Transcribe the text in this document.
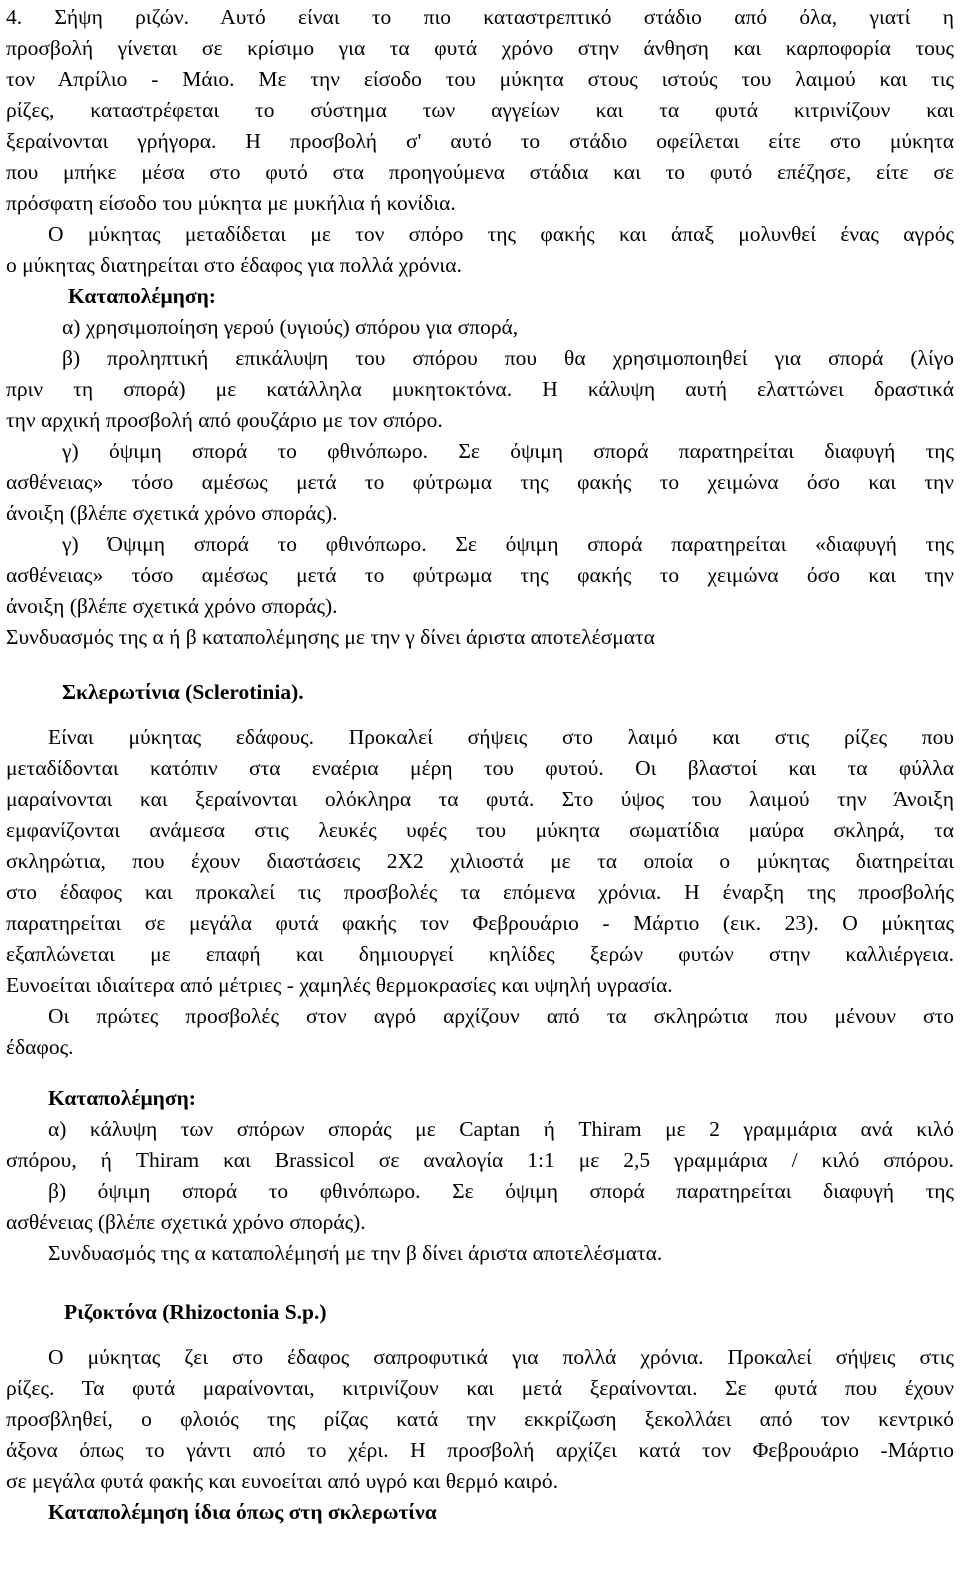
4. Σήψη ριζών. Αυτό είναι το πιο καταστρεπτικό στάδιο από όλα, γιατί η
προσβολή γίνεται σε κρίσιμο για τα φυτά χρόνο στην άνθηση και καρποφορία τους
τον Απρίλιο - Μάιο. Με την είσοδο του μύκητα στους ιστούς του λαιμού και τις
ρίζες, καταστρέφεται το σύστημα των αγγείων και τα φυτά κιτρινίζουν και
ξεραίνονται γρήγορα. Η προσβολή σ' αυτό το στάδιο οφείλεται είτε στο μύκητα
που μπήκε μέσα στο φυτό στα προηγούμενα στάδια και το φυτό επέζησε, είτε σε
πρόσφατη είσοδο του μύκητα με μυκήλια ή κονίδια.
Ο μύκητας μεταδίδεται με τον σπόρο της φακής και άπαξ μολυνθεί ένας αγρός
ο μύκητας διατηρείται στο έδαφος για πολλά χρόνια.
Καταπολέμηση:
α) χρησιμοποίηση γερού (υγιούς) σπόρου για σπορά,
β) προληπτική επικάλυψη του σπόρου που θα χρησιμοποιηθεί για σπορά (λίγο
πριν τη σπορά) με κατάλληλα μυκητοκτόνα. Η κάλυψη αυτή ελαττώνει δραστικά
την αρχική προσβολή από φουζάριο με τον σπόρο.
γ) όψιμη σπορά το φθινόπωρο. Σε όψιμη σπορά παρατηρείται διαφυγή της
ασθένειας» τόσο αμέσως μετά το φύτρωμα της φακής το χειμώνα όσο και την
άνοιξη (βλέπε σχετικά χρόνο σποράς).
γ) Όψιμη σπορά το φθινόπωρο. Σε όψιμη σπορά παρατηρείται «διαφυγή της
ασθένειας» τόσο αμέσως μετά το φύτρωμα της φακής το χειμώνα όσο και την
άνοιξη (βλέπε σχετικά χρόνο σποράς).
Συνδυασμός της α ή β καταπολέμησης με την γ δίνει άριστα αποτελέσματα
Σκλερωτίνια (Sclerotinia).
Είναι μύκητας εδάφους. Προκαλεί σήψεις στο λαιμό και στις ρίζες που
μεταδίδονται κατόπιν στα εναέρια μέρη του φυτού. Οι βλαστοί και τα φύλλα
μαραίνονται και ξεραίνονται ολόκληρα τα φυτά. Στο ύψος του λαιμού την Άνοιξη
εμφανίζονται ανάμεσα στις λευκές υφές του μύκητα σωματίδια μαύρα σκληρά, τα
σκληρώτια, που έχουν διαστάσεις 2Χ2 χιλιοστά με τα οποία ο μύκητας διατηρείται
στο έδαφος και προκαλεί τις προσβολές τα επόμενα χρόνια. Η έναρξη της προσβολής
παρατηρείται σε μεγάλα φυτά φακής τον Φεβρουάριο - Μάρτιο (εικ. 23). Ο μύκητας
εξαπλώνεται με επαφή και δημιουργεί κηλίδες ξερών φυτών στην καλλιέργεια.
Ευνοείται ιδιαίτερα από μέτριες - χαμηλές θερμοκρασίες και υψηλή υγρασία.
Οι πρώτες προσβολές στον αγρό αρχίζουν από τα σκληρώτια που μένουν στο
έδαφος.
Καταπολέμηση:
α) κάλυψη των σπόρων σποράς με Captan ή Thiram με 2 γραμμάρια ανά κιλό
σπόρου, ή Thiram και Brassicol σε αναλογία 1:1 με 2,5 γραμμάρια / κιλό σπόρου.
β) όψιμη σπορά το φθινόπωρο. Σε όψιμη σπορά παρατηρείται διαφυγή της
ασθένειας (βλέπε σχετικά χρόνο σποράς).
Συνδυασμός της α καταπολέμησή με την β δίνει άριστα αποτελέσματα.
Ριζοκτόνα (Rhizoctonia S.p.)
Ο μύκητας ζει στο έδαφος σαπροφυτικά για πολλά χρόνια. Προκαλεί σήψεις στις
ρίζες. Τα φυτά μαραίνονται, κιτρινίζουν και μετά ξεραίνονται. Σε φυτά που έχουν
προσβληθεί, ο φλοιός της ρίζας κατά την εκκρίζωση ξεκολλάει από τον κεντρικό
άξονα όπως το γάντι από το χέρι. Η προσβολή αρχίζει κατά τον Φεβρουάριο -Μάρτιο
σε μεγάλα φυτά φακής και ευνοείται από υγρό και θερμό καιρό.
Καταπολέμηση ίδια όπως στη σκλερωτίνα
